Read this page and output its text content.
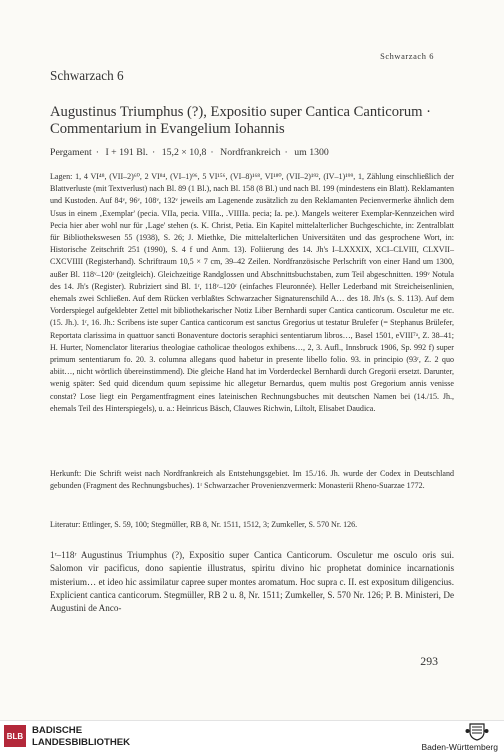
Schwarzach 6
Schwarzach 6
Augustinus Triumphus (?), Expositio super Cantica Canticorum · Commentarium in Evangelium Iohannis
Pergament · I + 191 Bl. · 15,2 × 10,8 · Nordfrankreich · um 1300
Lagen: 1, 4 VI⁴⁸, (VII–2)⁶⁰, 2 VI⁸⁴, (VI–1)⁹⁶, 5 VI¹⁵⁶, (VI–8)¹⁶⁸, VI¹⁸⁰, (VII–2)¹⁹², (IV–1)¹⁹⁹, 1, Zählung einschließlich der Blattverluste (mit Textverlust) nach Bl. 89 (1 Bl.), nach Bl. 158 (8 Bl.) und nach Bl. 199 (mindestens ein Blatt). Reklamanten und Kustoden. Auf 84ᵛ, 96ᵛ, 108ᵛ, 132ᵛ jeweils am Lagenende zusätzlich zu den Reklamanten Pecienvermerke ähnlich dem Usus in einem ‚Exemplar' (pecia. VIIa, pecia. VIIIa., .VIIIIa. pecia; Ia. pe.). Mangels weiterer Exemplar-Kennzeichen wird Pecia hier aber wohl nur für ‚Lage' stehen (s. K. Christ, Petia. Ein Kapitel mittelalterlicher Buchgeschichte, in: Zentralblatt für Bibliothekswesen 55 (1938), S. 26; J. Miethke, Die mittelalterlichen Universitäten und das gesprochene Wort, in: Historische Zeitschrift 251 (1990), S. 4 f und Anm. 13). Foliierung des 14. Jh's I–LXXXIX, XCI–CLVIII, CLXVII–CXCVIIII (Registerhand). Schriftraum 10,5 × 7 cm, 39–42 Zeilen. Nordfranzösische Perlschrift von einer Hand um 1300, außer Bl. 118ᵛ–120ʳ (zeitgleich). Gleichzeitige Randglossen und Abschnittsbuchstaben, zum Teil abgeschnitten. 199ᵛ Notula des 14. Jh's (Register). Rubriziert sind Bl. 1ʳ, 118ᵛ–120ʳ (einfaches Fleuronnée). Heller Lederband mit Streicheisenlinien, ehemals zwei Schließen. Auf dem Rücken verblaßtes Schwarzacher Signaturenschild A… des 18. Jh's (s. S. 113). Auf dem Vorderspiegel aufgeklebter Zettel mit bibliothekarischer Notiz Liber Bernhardi super Cantica canticorum. Osculetur me etc. (15. Jh.). 1ʳ, 16. Jh.: Scribens iste super Cantica canticorum est sanctus Gregorius ut testatur Brulefer (= Stephanus Brülefer, Reportata clarissima in quattuor sancti Bonaventure doctoris seraphici sententiarum libros…, Basel 1501, eVIII⁷ᵃ, Z. 38–41; H. Hurter, Nomenclator literarius theologiae catholicae theologos exhibens…, 2, 3. Aufl., Innsbruck 1906, Sp. 992 f) super primum sententiarum fo. 20. 3. columna allegans quod habetur in presente libello folio. 93. in principio (93ʳ, Z. 2 quo abiit…, nicht wörtlich übereinstimmend). Die gleiche Hand hat im Vorderdeckel Bernhardi durch Gregorii ersetzt. Darunter, wenig später: Sed quid dicendum quum sepissime hic allegetur Bernardus, quem multis post Gregorium annis venisse constat? Lose liegt ein Pergamentfragment eines lateinischen Rechnungsbuches mit deutschen Namen bei (14./15. Jh., ehemals Teil des Hinterspiegels), u. a.: Heinricus Bäsch, Clauwes Richwin, Liltolt, Elisabet Daudica.
Herkunft: Die Schrift weist nach Nordfrankreich als Entstehungsgebiet. Im 15./16. Jh. wurde der Codex in Deutschland gebunden (Fragment des Rechnungsbuches). 1ʳ Schwarzacher Provenienzvermerk: Monasterii Rheno-Suarzae 1772.
Literatur: Ettlinger, S. 59, 100; Stegmüller, RB 8, Nr. 1511, 1512, 3; Zumkeller, S. 570 Nr. 126.
1ʳ–118ʳ Augustinus Triumphus (?), Expositio super Cantica Canticorum. Osculetur me osculo oris sui. Salomon vir pacificus, dono sapientie illustratus, spiritu divino hic prophetat dominice incarnationis misterium… et ideo hic assimilatur capree super montes aromatum. Hoc supra c. II. est expositum diligencius. Explicient cantica canticorum. Stegmüller, RB 2 u. 8, Nr. 1511; Zumkeller, S. 570 Nr. 126; P. B. Ministeri, De Augustini de Anco-
293
BLB BADISCHE
LANDESBIBLIOTHEK	Baden-Württemberg
